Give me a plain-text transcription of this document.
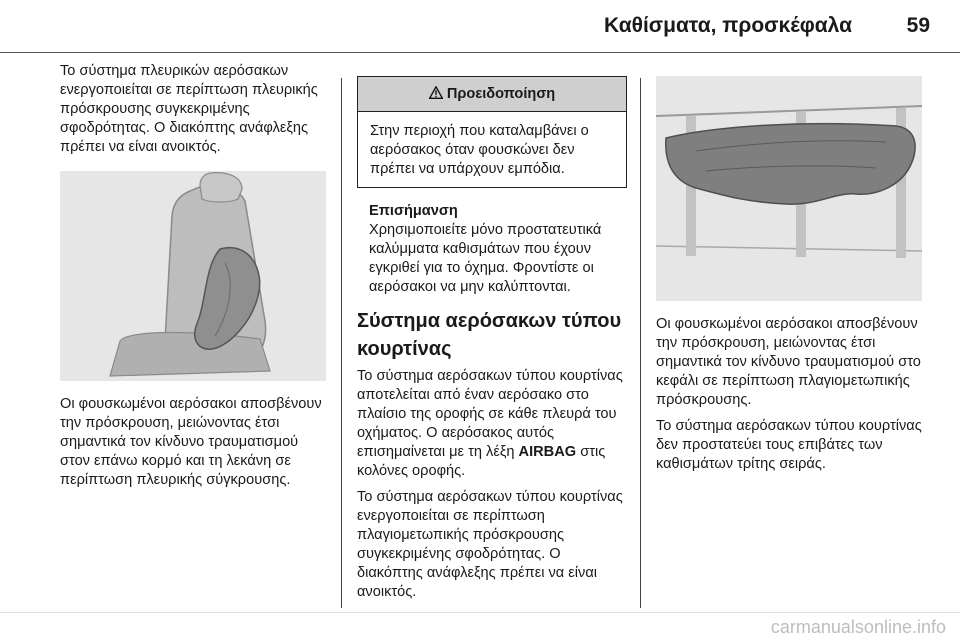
Καθίσματα, προσκέφαλα	59

Το σύστημα πλευρικών αερόσακων ενεργοποιείται σε περίπτωση πλευρικής πρόσκρουσης συγκεκριμένης σφοδρότητας. Ο διακόπτης ανάφλεξης πρέπει να είναι ανοικτός.

Οι φουσκωμένοι αερόσακοι αποσβένουν την πρόσκρουση, μειώνοντας έτσι σημαντικά τον κίνδυνο τραυματισμού στον επάνω κορμό και τη λεκάνη σε περίπτωση πλευρικής σύγκρουσης.

Προειδοποίηση
Στην περιοχή που καταλαμβάνει ο αερόσακος όταν φουσκώνει δεν πρέπει να υπάρχουν εμπόδια.
Επισήμανση

Χρησιμοποιείτε μόνο προστατευτικά καλύμματα καθισμάτων που έχουν εγκριθεί για το όχημα. Φροντίστε οι αερόσακοι να μην καλύπτονται.

Σύστημα αερόσακων τύπου κουρτίνας

Το σύστημα αερόσακων τύπου κουρτίνας αποτελείται από έναν αερόσακο στο πλαίσιο της οροφής σε κάθε πλευρά του οχήματος. Ο αερόσακος αυτός επισημαίνεται με τη λέξη AIRBAG στις κολόνες οροφής.

Το σύστημα αερόσακων τύπου κουρτίνας ενεργοποιείται σε περίπτωση πλαγιομετωπικής πρόσκρουσης συγκεκριμένης σφοδρότητας. Ο διακόπτης ανάφλεξης πρέπει να είναι ανοικτός.

Οι φουσκωμένοι αερόσακοι αποσβένουν την πρόσκρουση, μειώνοντας έτσι σημαντικά τον κίνδυνο τραυματισμού στο κεφάλι σε περίπτωση πλαγιομετωπικής πρόσκρουσης.

Το σύστημα αερόσακων τύπου κουρτίνας δεν προστατεύει τους επιβάτες των καθισμάτων τρίτης σειράς.

carmanualsonline.info
